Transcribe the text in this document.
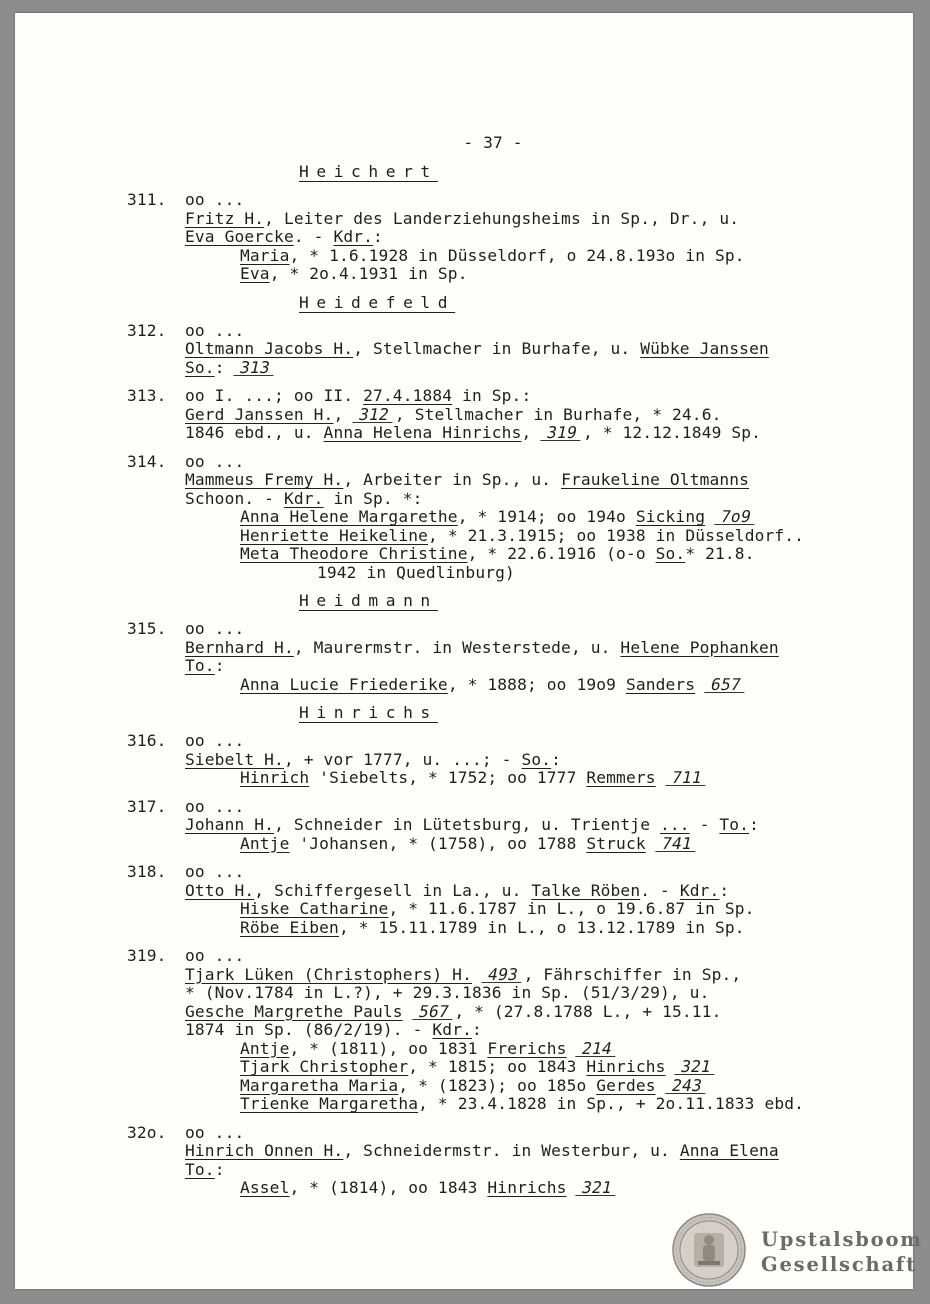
- 37 -
Heichert
311. oo ...
Fritz H., Leiter des Landerziehungsheims in Sp., Dr., u.
Eva Goercke. - Kdr.:
Maria, * 1.6.1928 in Düsseldorf, o 24.8.193o in Sp.
Eva, * 2o.4.1931 in Sp.
Heidefeld
312. oo ...
Oltmann Jacobs H., Stellmacher in Burhafe, u. Wübke Janssen
So.: 313
313. oo I. ...; oo II. 27.4.1884 in Sp.:
Gerd Janssen H., 312 , Stellmacher in Burhafe, * 24.6.
1846 ebd., u. Anna Helena Hinrichs, 319 , * 12.12.1849 Sp.
314. oo ...
Mammeus Fremy H., Arbeiter in Sp., u. Fraukeline Oltmanns
Schoon. - Kdr. in Sp. *:
Anna Helene Margarethe, * 1914; oo 194o Sicking 7o9
Henriette Heikeline, * 21.3.1915; oo 1938 in Düsseldorf..
Meta Theodore Christine, * 22.6.1916 (o-o So.* 21.8.
1942 in Quedlinburg)
Heidmann
315. oo ...
Bernhard H., Maurermstr. in Westerstede, u. Helene Pophanken
To.:
Anna Lucie Friederike, * 1888; oo 19o9 Sanders 657
Hinrichs
316. oo ...
Siebelt H., + vor 1777, u. ...; - So.:
Hinrich 'Siebelts, * 1752; oo 1777 Remmers 711
317. oo ...
Johann H., Schneider in Lütetsburg, u. Trientje ... - To.:
Antje 'Johansen, * (1758), oo 1788 Struck 741
318. oo ...
Otto H., Schiffergesell in La., u. Talke Röben. - Kdr.:
Hiske Catharine, * 11.6.1787 in L., o 19.6.87 in Sp.
Röbe Eiben, * 15.11.1789 in L., o 13.12.1789 in Sp.
319. oo ...
Tjark Lüken (Christophers) H. 493 , Fährschiffer in Sp.,
* (Nov.1784 in L.?), + 29.3.1836 in Sp. (51/3/29), u.
Gesche Margrethe Pauls 567 , * (27.8.1788 L., + 15.11.
1874 in Sp. (86/2/19). - Kdr.:
Antje, * (1811), oo 1831 Frerichs 214
Tjark Christopher, * 1815; oo 1843 Hinrichs 321
Margaretha Maria, * (1823); oo 185o Gerdes 243
Trienke Margaretha, * 23.4.1828 in Sp., + 2o.11.1833 ebd.
32o. oo ...
Hinrich Onnen H., Schneidermstr. in Westerbur, u. Anna Elena
To.:
Assel, * (1814), oo 1843 Hinrichs 321
Upstalsboom
Gesellschaft
